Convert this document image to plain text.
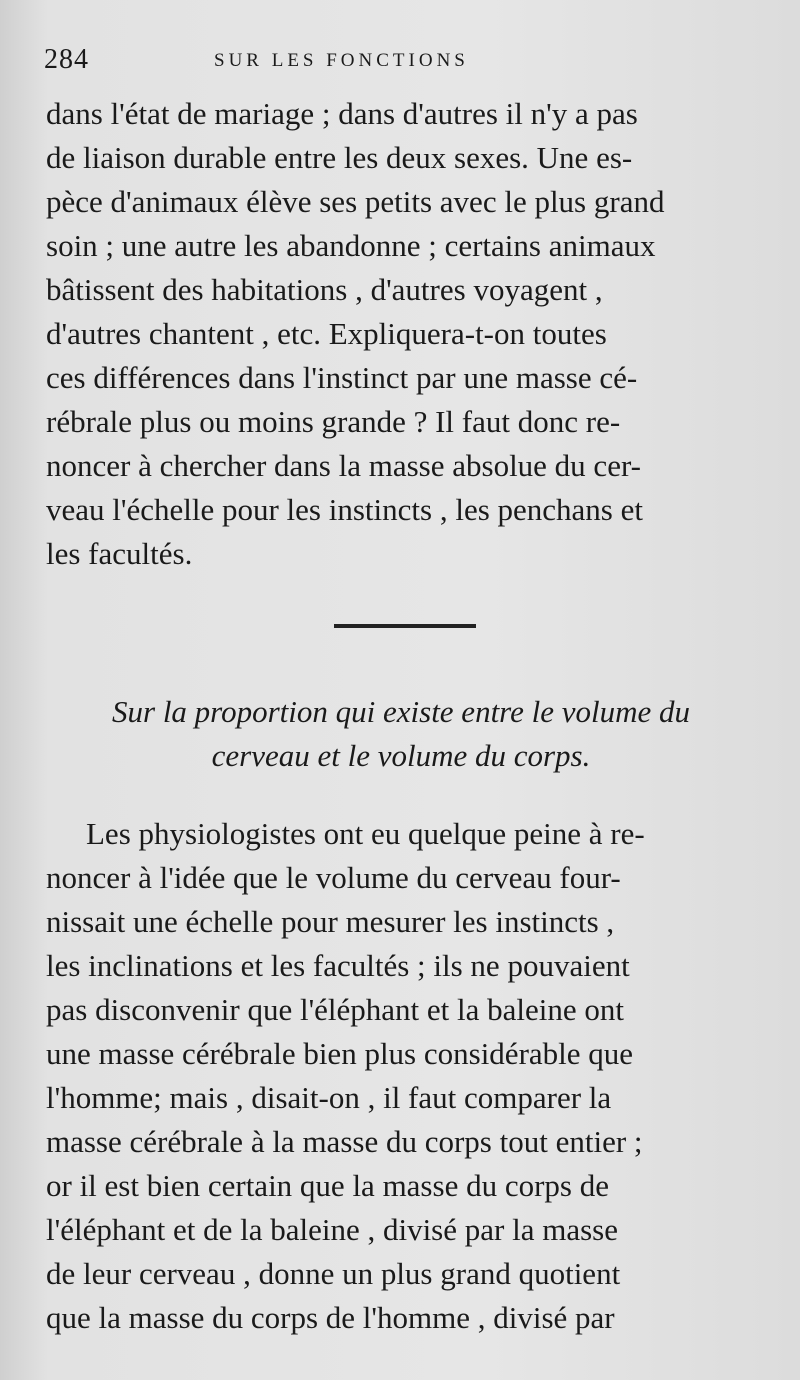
284	SUR LES FONCTIONS
dans l'état de mariage ; dans d'autres il n'y a pas
de liaison durable entre les deux sexes. Une es-
pèce d'animaux élève ses petits avec le plus grand
soin ; une autre les abandonne ; certains animaux
bâtissent des habitations , d'autres voyagent ,
d'autres chantent , etc. Expliquera-t-on toutes
ces différences dans l'instinct par une masse cé-
rébrale plus ou moins grande ? Il faut donc re-
noncer à chercher dans la masse absolue du cer-
veau l'échelle pour les instincts , les penchans et
les facultés.
Sur la proportion qui existe entre le volume du
cerveau et le volume du corps.
Les physiologistes ont eu quelque peine à re-
noncer à l'idée que le volume du cerveau four-
nissait une échelle pour mesurer les instincts ,
les inclinations et les facultés ; ils ne pouvaient
pas disconvenir que l'éléphant et la baleine ont
une masse cérébrale bien plus considérable que
l'homme; mais , disait-on , il faut comparer la
masse cérébrale à la masse du corps tout entier ;
or il est bien certain que la masse du corps de
l'éléphant et de la baleine , divisé par la masse
de leur cerveau , donne un plus grand quotient
que la masse du corps de l'homme , divisé par
